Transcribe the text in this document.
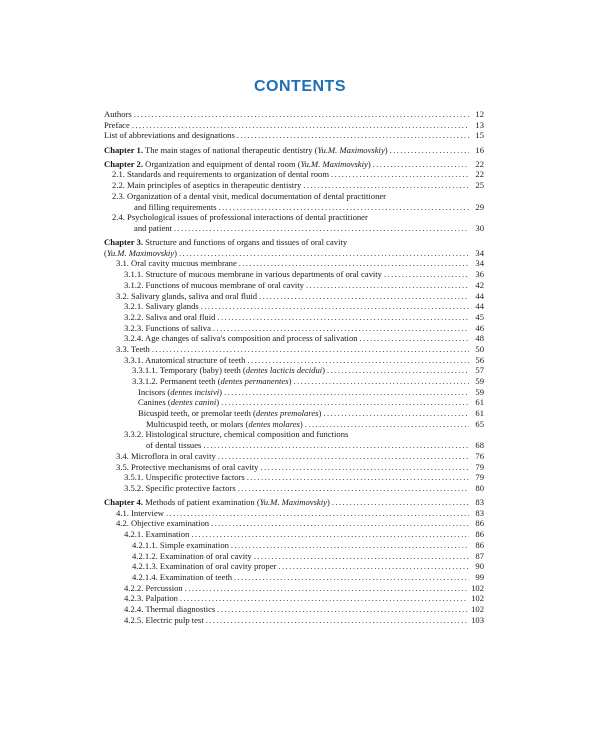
CONTENTS
Authors .....	12
Preface .....	13
List of abbreviations and designations .....	15
Chapter 1. The main stages of national therapeutic dentistry (Yu.M. Maximovskiy) .....	16
Chapter 2. Organization and equipment of dental room (Yu.M. Maximovskiy) .....	22
2.1. Standards and requirements to organization of dental room .....	22
2.2. Main principles of aseptics in therapeutic dentistry .....	25
2.3. Organization of a dental visit, medical documentation of dental practitioner
and filling requirements .....	29
2.4. Psychological issues of professional interactions of dental practitioner
and patient .....	30
Chapter 3. Structure and functions of organs and tissues of oral cavity
(Yu.M. Maximovskiy) .....	34
3.1. Oral cavity mucous membrane .....	34
3.1.1. Structure of mucous membrane in various departments of oral cavity .....	36
3.1.2. Functions of mucous membrane of oral cavity .....	42
3.2. Salivary glands, saliva and oral fluid .....	44
3.2.1. Salivary glands .....	44
3.2.2. Saliva and oral fluid .....	45
3.2.3. Functions of saliva .....	46
3.2.4. Age changes of saliva's composition and process of salivation .....	48
3.3. Teeth .....	50
3.3.1. Anatomical structure of teeth .....	56
3.3.1.1. Temporary (baby) teeth (dentes lacticis decidui) .....	57
3.3.1.2. Permanent teeth (dentes permanentes) .....	59
Incisors (dentes incisivi) .....	59
Canines (dentes canini) .....	61
Bicuspid teeth, or premolar teeth (dentes premolares) .....	61
Multicuspid teeth, or molars (dentes molares) .....	65
3.3.2. Histological structure, chemical composition and functions
of dental tissues .....	68
3.4. Microflora in oral cavity .....	76
3.5. Protective mechanisms of oral cavity .....	79
3.5.1. Unspecific protective factors .....	79
3.5.2. Specific protective factors .....	80
Chapter 4. Methods of patient examination (Yu.M. Maximovskiy) .....	83
4.1. Interview .....	83
4.2. Objective examination .....	86
4.2.1. Examination .....	86
4.2.1.1. Simple examination .....	86
4.2.1.2. Examination of oral cavity .....	87
4.2.1.3. Examination of oral cavity proper .....	90
4.2.1.4. Examination of teeth .....	99
4.2.2. Percussion .....	102
4.2.3. Palpation .....	102
4.2.4. Thermal diagnostics .....	102
4.2.5. Electric pulp test .....	103
